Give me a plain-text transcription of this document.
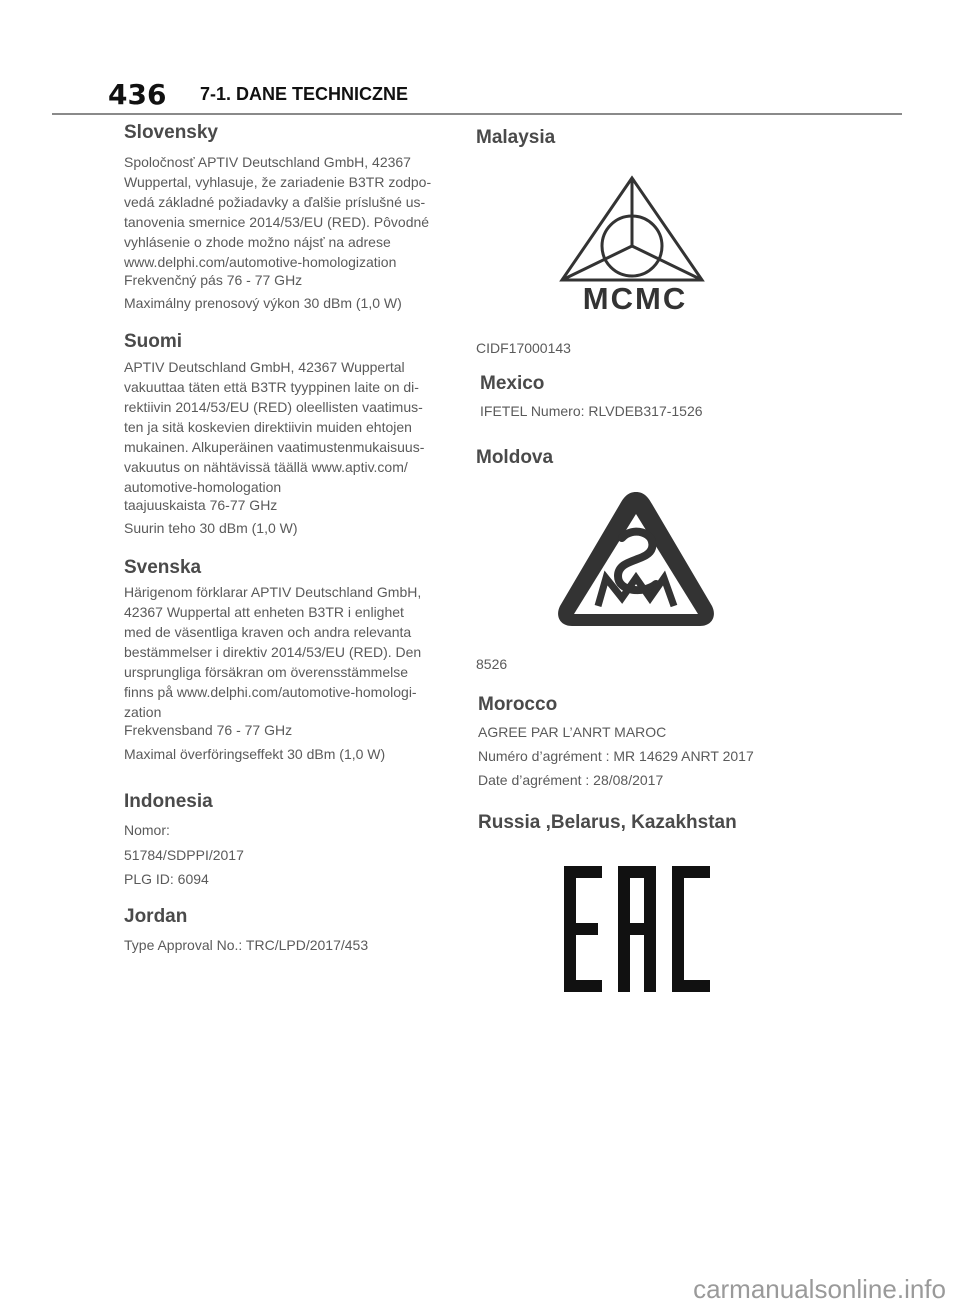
436 7-1. DANE TECHNICZNE
Slovensky

Spoločnosť APTIV Deutschland GmbH, 42367

Wuppertal, vyhlasuje, že zariadenie B3TR zodpo-

vedá základné požiadavky a ďalšie príslušné us-

tanovenia smernice 2014/53/EU (RED). Pôvodné

vyhlásenie o zhode možno nájsť na adrese

www.delphi.com/automotive-homologization

Frekvenčný pás 76 - 77 GHz

Maximálny prenosový výkon 30 dBm (1,0 W)

Suomi

APTIV Deutschland GmbH, 42367 Wuppertal

vakuuttaa täten että B3TR tyyppinen laite on di-

rektiivin 2014/53/EU (RED) oleellisten vaatimus-

ten ja sitä koskevien direktiivin muiden ehtojen

mukainen. Alkuperäinen vaatimustenmukaisuus-

vakuutus on nähtävissä täällä www.aptiv.com/

automotive-homologation

taajuuskaista 76-77 GHz

Suurin teho 30 dBm (1,0 W)

Svenska

Härigenom förklarar APTIV Deutschland GmbH,

42367 Wuppertal att enheten B3TR i enlighet

med de väsentliga kraven och andra relevanta

bestämmelser i direktiv 2014/53/EU (RED). Den

ursprungliga försäkran om överensstämmelse

finns på www.delphi.com/automotive-homologi-

zation

Frekvensband 76 - 77 GHz

Maximal överföringseffekt 30 dBm (1,0 W)

Indonesia

Nomor:

51784/SDPPI/2017

PLG ID: 6094

Jordan

Type Approval No.: TRC/LPD/2017/453

Malaysia
MCMC

CIDF17000143

Mexico

IFETEL Numero: RLVDEB317-1526

Moldova

8526

Morocco

AGREE PAR L’ANRT MAROC

Numéro d’agrément : MR 14629 ANRT 2017

Date d’agrément : 28/08/2017

Russia ,Belarus, Kazakhstan
carmanualsonline.info
